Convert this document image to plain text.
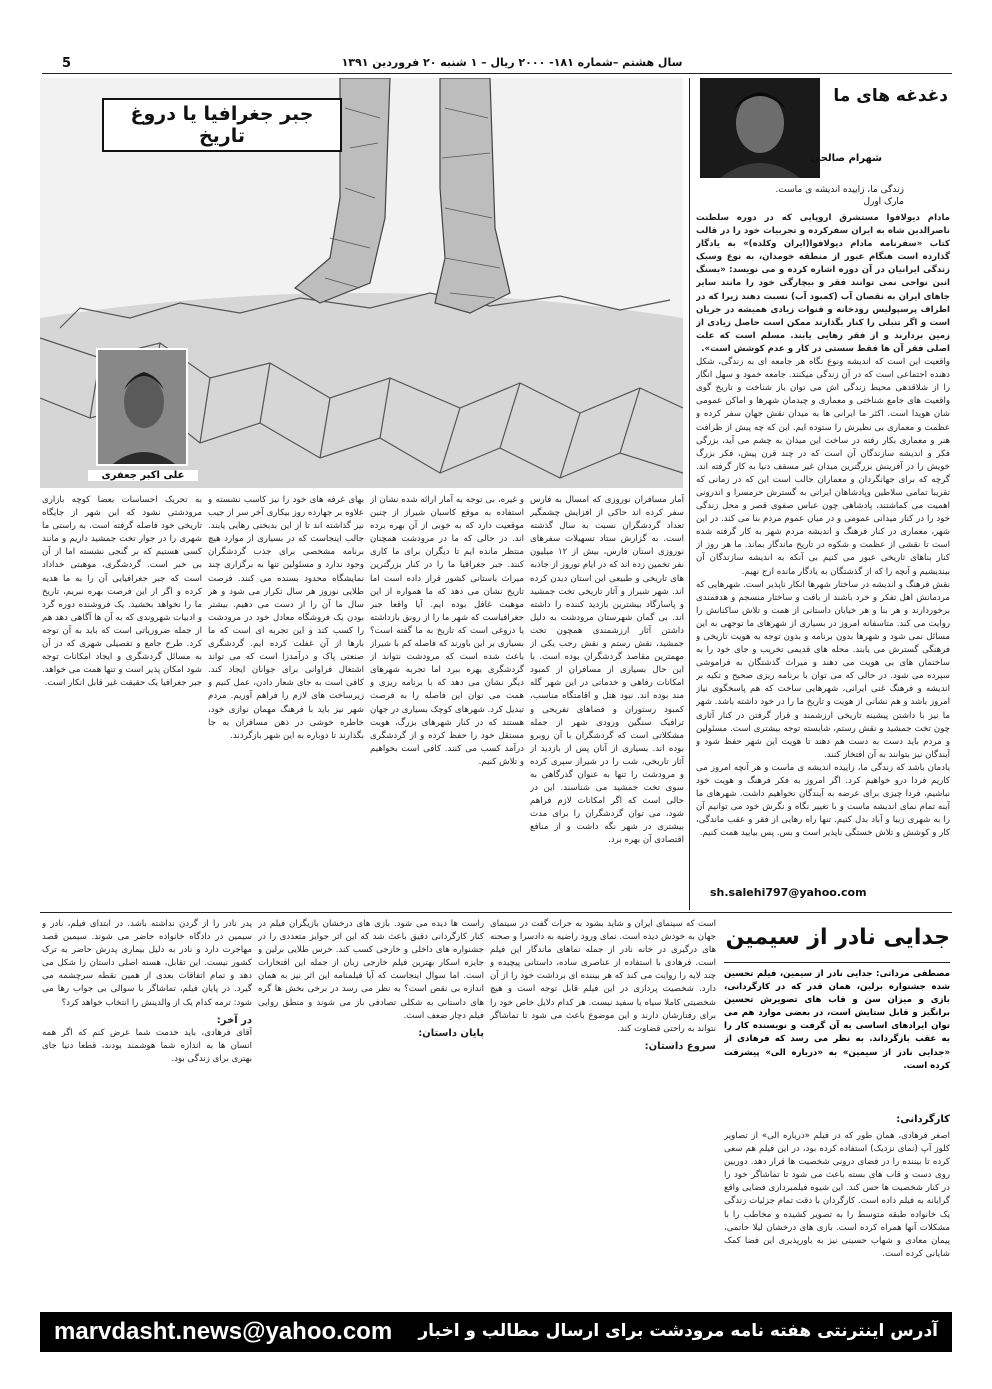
5	سال هشتم –شماره ۱۸۱- ۲۰۰۰ ریال – ۱ شنبه ۲۰ فروردین ۱۳۹۱
دغدغه های ما
شهرام صالحی
زندگی ما، زاییده اندیشه ی ماست.
مارک اورل

مادام دیولافوا مستشرق اروپایی که در دوره سلطنت ناصرالدین شاه به ایران سفرکرده و تجربیات خود را در قالب کتاب «سفرنامه مادام دیولافوا(ایران وکلده)» به یادگار گذارده است هنگام عبور از منطقه خومدان، به نوع وسبک زندگی ایرانیان در آن دوره اشاره کرده و می نویسد: «بسنگ انبن نواحی نمی توانند فقر و بیچارگی خود را مانند سایر جاهای ایران به نقصان آب (کمبود آب) نسبت دهند زیرا که در اطراف پرسپولیس رودخانه و قنوات زیادی همیشه در جریان است و اگر تنبلی را کنار بگذارند ممکن است حاصل زیادی از زمین بردارند و از فقر رهایی یابند. مسلم است که علت اصلی فقر آن ها فقط سستی در کار و عدم کوشش است».

واقعیت این است که اندیشه ونوع نگاه هر جامعه ای به زندگی، شکل دهنده اجتماعی است که در آن زندگی میکنند. جامعه خمود و سهل انگار را از شلاقدهی محیط زندگی اش می توان باز شناخت و تاریخ گوی واقعیت های جامع شناختی و معماری و چیدمان شهرها و اماکن عمومی شان هویدا است. اکثر ما ایرانی ها به میدان نقش جهان سفر کرده و عظمت و معماری بی نظیرش را ستوده ایم. این که چه پیش از ظرافت هنر و معماری بکار رفته در ساخت این میدان به چشم می آید، بزرگی فکر و اندیشه سازندگان آن است که در چند قرن پیش، فکر بزرگ خویش را در آفرینش بزرگترین میدان غیر مسقف دنیا به کار گرفته اند. گرچه که برای جهانگردان و معماران جالب است این که در زمانی که تقریبا تمامی سلاطین وپادشاهان ایرانی به گسترش حرمسرا و اندرونی اهمیت می کماشتند، پادشاهی چون عباس صفوی قصر و محل زندگی خود را در کنار میدانی عمومی و در میان عموم مردم بنا می کند. در این شهر، معماری در کنار فرهنگ و اندیشه مردم شهر به کار گرفته شده است تا نقشی از عظمت و شکوه در تاریخ ماندگار بماند. ما هر روز از کنار بناهای تاریخی عبور می کنیم بی آنکه به اندیشه سازندگان آن بیندیشیم و آنچه را که از گذشتگان به یادگار مانده ارج نهیم.

نقش فرهنگ و اندیشه در ساختار شهرها انکار ناپذیر است. شهرهایی که مردمانش اهل تفکر و خرد باشند از بافت و ساختار منسجم و هدفمندی برخوردارند و هر بنا و هر خیابان داستانی از همت و تلاش ساکنانش را روایت می کند. متاسفانه امروز در بسیاری از شهرهای ما توجهی به این مسائل نمی شود و شهرها بدون برنامه و بدون توجه به هویت تاریخی و فرهنگی گسترش می یابند. محله های قدیمی تخریب و جای خود را به ساختمان های بی هویت می دهند و میراث گذشتگان به فراموشی سپرده می شود. در حالی که می توان با برنامه ریزی صحیح و تکیه بر اندیشه و فرهنگ غنی ایرانی، شهرهایی ساخت که هم پاسخگوی نیاز امروز باشد و هم نشانی از هویت و تاریخ ما را در خود داشته باشد. شهر ما نیز با داشتن پیشینه تاریخی ارزشمند و قرار گرفتن در کنار آثاری چون تخت جمشید و نقش رستم، شایسته توجه بیشتری است. مسئولین و مردم باید دست به دست هم دهند تا هویت این شهر حفظ شود و آیندگان نیز بتوانند به آن افتخار کنند.

یادمان باشد که زندگی ما، زاییده اندیشه ی ماست و هر آنچه امروز می کاریم فردا درو خواهیم کرد. اگر امروز به فکر فرهنگ و هویت خود نباشیم، فردا چیزی برای عرضه به آیندگان نخواهیم داشت. شهرهای ما آینه تمام نمای اندیشه ماست و با تغییر نگاه و نگرش خود می توانیم آن را به شهری زیبا و آباد بدل کنیم. تنها راه رهایی از فقر و عقب ماندگی، کار و کوشش و تلاش خستگی ناپذیر است و بس. پس بیایید همت کنیم.

sh.salehi797@yahoo.com
جبر جغرافیا یا دروغ تاریخ
علی اکبر جعفری
آمار مسافران نوروزی که امسال به فارس سفر کرده اند حاکی از افزایش چشمگیر تعداد گردشگران نسبت به سال گذشته است. به گزارش ستاد تسهیلات سفرهای نوروزی استان فارس، بیش از ۱۲ میلیون نفر تخمین زده اند که در ایام نوروز از جاذبه های تاریخی و طبیعی این استان دیدن کرده اند. شهر شیراز و آثار تاریخی تخت جمشید و پاسارگاد بیشترین بازدید کننده را داشته اند. بی گمان شهرستان مرودشت به دلیل داشتن آثار ارزشمندی همچون تخت جمشید، نقش رستم و نقش رجب یکی از مهمترین مقاصد گردشگران بوده است. با این حال بسیاری از مسافران از کمبود امکانات رفاهی و خدماتی در این شهر گله مند بوده اند. نبود هتل و اقامتگاه مناسب، کمبود رستوران و فضاهای تفریحی و ترافیک سنگین ورودی شهر از جمله مشکلاتی است که گردشگران با آن روبرو بوده اند. بسیاری از آنان پس از بازدید از آثار تاریخی، شب را در شیراز سپری کرده و مرودشت را تنها به عنوان گذرگاهی به سوی تخت جمشید می شناسند. این در حالی است که اگر امکانات لازم فراهم شود، می توان گردشگران را برای مدت بیشتری در شهر نگه داشت و از منافع اقتصادی آن بهره برد.
و غیره، بی توجه به آمار ارائه شده نشان از استفاده به موقع کاسبان شیراز از چنین موقعیت دارد که به خوبی از آن بهره برده اند. در حالی که ما در مرودشت همچنان منتظر مانده ایم تا دیگران برای ما کاری کنند. جبر جغرافیا ما را در کنار بزرگترین میراث باستانی کشور قرار داده است اما تاریخ نشان می دهد که ما همواره از این موهبت غافل بوده ایم. آیا واقعا جبر جغرافیاست که شهر ما را از رونق بازداشته یا دروغی است که تاریخ به ما گفته است؟ بسیاری بر این باورند که فاصله کم با شیراز باعث شده است که مرودشت نتواند از گردشگری بهره ببرد اما تجربه شهرهای دیگر نشان می دهد که با برنامه ریزی و همت می توان این فاصله را به فرصت تبدیل کرد. شهرهای کوچک بسیاری در جهان هستند که در کنار شهرهای بزرگ، هویت مستقل خود را حفظ کرده و از گردشگری درآمد کسب می کنند. کافی است بخواهیم و تلاش کنیم.
بهای غرفه های خود را نیز کاسب نشسته و علاوه بر جهارده روز بیکاری آخر سر از جیب نیز گذاشته اند تا از این بدبختی رهایی یابند. جالب اینجاست که در بسیاری از موارد هیچ برنامه مشخصی برای جذب گردشگران وجود ندارد و مسئولین تنها به برگزاری چند نمایشگاه محدود بسنده می کنند. فرصت طلایی نوروز هر سال تکرار می شود و هر سال ما آن را از دست می دهیم. بیشتر بودن یک فروشگاه معادل خود در مرودشت را کسب کند و این تجربه ای است که ما بارها از آن غفلت کرده ایم. گردشگری صنعتی پاک و درآمدزا است که می تواند اشتغال فراوانی برای جوانان ایجاد کند. کافی است به جای شعار دادن، عمل کنیم و زیرساخت های لازم را فراهم آوریم. مردم شهر نیز باید با فرهنگ مهمان نوازی خود، خاطره خوشی در ذهن مسافران به جا بگذارند تا دوباره به این شهر بازگردند.
به تحریک احساسات بعضا کوچه بازاری مرودشتی نشود که این شهر از جایگاه تاریخی خود فاصله گرفته است. به راستی ما شهری را در جوار تخت جمشید داریم و مانند کسی هستیم که بر گنجی نشسته اما از آن بی خبر است. گردشگری، موهبتی خداداد است که جبر جغرافیایی آن را به ما هدیه کرده و اگر از این فرصت بهره نبریم، تاریخ ما را نخواهد بخشید. یک فروشنده دوره گرد و ادبیات شهروندی که به آن ها آگاهی دهد هم از جمله ضروریاتی است که باید به آن توجه کرد. طرح جامع و تفصیلی شهری که در آن به مسائل گردشگری و ایجاد امکانات توجه شود امکان پذیر است و تنها همت می خواهد. جبر جغرافیا یک حقیقت غیر قابل انکار است.
جدایی نادر از سیمین
مصطفی مرداتی: جدایی نادر از سیمین، فیلم تحسین شده جشنواره برلین، همان قدر که در کارگردانی، بازی و میزان سن و قاب های تصویرش تحسین برانگیز و قابل ستایش است، در بعضی موارد هم می توان ایرادهای اساسی به آن گرفت و نویسنده کار را به عقب بازگرداند. به نظر می رسد که فرهادی از «جدایی نادر از سیمین» به «درباره الی» پیشرفت کرده است.
کارگردانی:
اصغر فرهادی، همان طور که در فیلم «درباره الی» از تصاویر کلوز آپ (نمای نزدیک) استفاده کرده بود، در این فیلم هم سعی کرده تا بیننده را در فضای درونی شخصیت ها قرار دهد. دوربین روی دست و قاب های بسته باعث می شود تا تماشاگر خود را در کنار شخصیت ها حس کند. این شیوه فیلمبرداری فضایی واقع گرایانه به فیلم داده است. کارگردان با دقت تمام جزئیات زندگی یک خانواده طبقه متوسط را به تصویر کشیده و مخاطب را با مشکلات آنها همراه کرده است. بازی های درخشان لیلا حاتمی، پیمان معادی و شهاب حسینی نیز به باورپذیری این فضا کمک شایانی کرده است.

است که سینمای ایران و شاید بشود به جرات گفت در سینمای جهان به خودش دیده است. نمای ورود راضیه به دادسرا و صحنه های درگیری در خانه نادر از جمله نماهای ماندگار این فیلم است. فرهادی با استفاده از عناصری ساده، داستانی پیچیده و چند لایه را روایت می کند که هر بیننده ای برداشت خود را از آن دارد. شخصیت پردازی در این فیلم قابل توجه است و هیچ شخصیتی کاملا سیاه یا سفید نیست. هر کدام دلایل خاص خود را برای رفتارشان دارند و این موضوع باعث می شود تا تماشاگر نتواند به راحتی قضاوت کند.

سروع داستان:

راست ها دیده می شود. بازی های درخشان بازیگران فیلم در کنار کارگردانی دقیق باعث شد که این اثر جوایز متعددی را در جشنواره های داخلی و خارجی کسب کند. خرس طلایی برلین و جایزه اسکار بهترین فیلم خارجی زبان از جمله این افتخارات است. اما سوال اینجاست که آیا فیلمنامه این اثر نیز به همان اندازه بی نقص است؟ به نظر می رسد در برخی بخش ها گره های داستانی به شکلی تصادفی باز می شوند و منطق روایی فیلم دچار ضعف است.

پایان داستان:

پدر نادر را از گردن نداشته باشد. در ابتدای فیلم، نادر و سیمین در دادگاه خانواده حاضر می شوند. سیمین قصد مهاجرت دارد و نادر به دلیل بیماری پدرش حاضر به ترک کشور نیست. این تقابل، هسته اصلی داستان را شکل می دهد و تمام اتفاقات بعدی از همین نقطه سرچشمه می گیرد. در پایان فیلم، تماشاگر با سوالی بی جواب رها می شود: ترمه کدام یک از والدینش را انتخاب خواهد کرد؟

در آخر:

آقای فرهادی، باید خدمت شما عرض کنم که اگر همه انسان ها به اندازه شما هوشمند بودند، قطعا دنیا جای بهتری برای زندگی بود.

marvdasht.news@yahoo.com آدرس اینترنتی هفته نامه مرودشت برای ارسال مطالب و اخبار
